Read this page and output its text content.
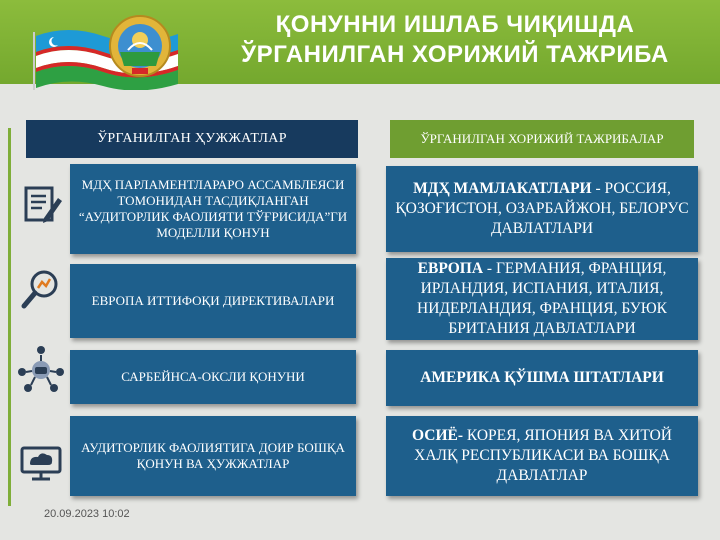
ҚОНУННИ ИШЛАБ ЧИҚИШДА
ЎРГАНИЛГАН ХОРИЖИЙ ТАЖРИБА
ЎРГАНИЛГАН ҲУЖЖАТЛАР	ЎРГАНИЛГАН ХОРИЖИЙ ТАЖРИБАЛАР
МДҲ ПАРЛАМЕНТЛАРАРО АССАМБЛЕЯСИ ТОМОНИДАН ТАСДИҚЛАНГАН “АУДИТОРЛИК ФАОЛИЯТИ ТЎҒРИСИДА”ГИ МОДЕЛЛИ ҚОНУН
ЕВРОПА ИТТИФОҚИ ДИРЕКТИВАЛАРИ
САРБЕЙНСА-ОКСЛИ ҚОНУНИ
АУДИТОРЛИК ФАОЛИЯТИГА ДОИР БОШҚА ҚОНУН ВА ҲУЖЖАТЛАР
МДҲ МАМЛАКАТЛАРИ - РОССИЯ, ҚОЗОҒИСТОН, ОЗАРБАЙЖОН, БЕЛОРУС ДАВЛАТЛАРИ
ЕВРОПА - ГЕРМАНИЯ, ФРАНЦИЯ, ИРЛАНДИЯ, ИСПАНИЯ, ИТАЛИЯ, НИДЕРЛАНДИЯ, ФРАНЦИЯ, БУЮК БРИТАНИЯ ДАВЛАТЛАРИ
АМЕРИКА ҚЎШМА ШТАТЛАРИ
ОСИЁ- КОРЕЯ, ЯПОНИЯ ВА ХИТОЙ ХАЛҚ РЕСПУБЛИКАСИ ВА БОШҚА ДАВЛАТЛАР
20.09.2023 10:02
